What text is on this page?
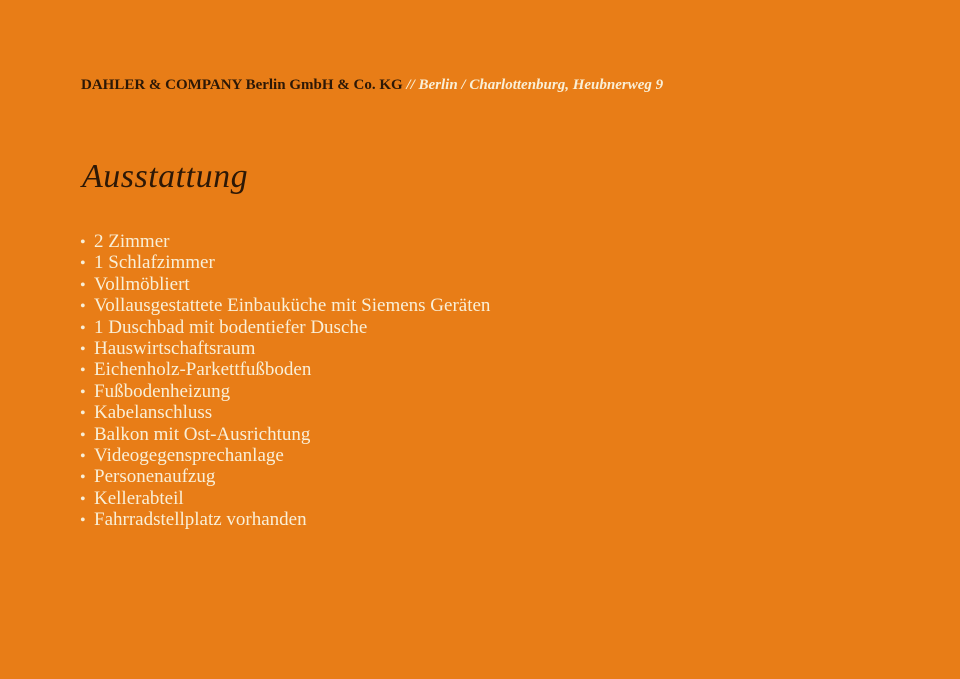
DAHLER & COMPANY Berlin GmbH & Co. KG // Berlin / Charlottenburg, Heubnerweg 9
Ausstattung
• 2 Zimmer
• 1 Schlafzimmer
• Vollmöbliert
• Vollausgestattete Einbauküche mit Siemens Geräten
• 1 Duschbad mit bodentiefer Dusche
• Hauswirtschaftsraum
• Eichenholz-Parkettfußboden
• Fußbodenheizung
• Kabelanschluss
• Balkon mit Ost-Ausrichtung
• Videogegensprechanlage
• Personenaufzug
• Kellerabteil
• Fahrradstellplatz vorhanden
